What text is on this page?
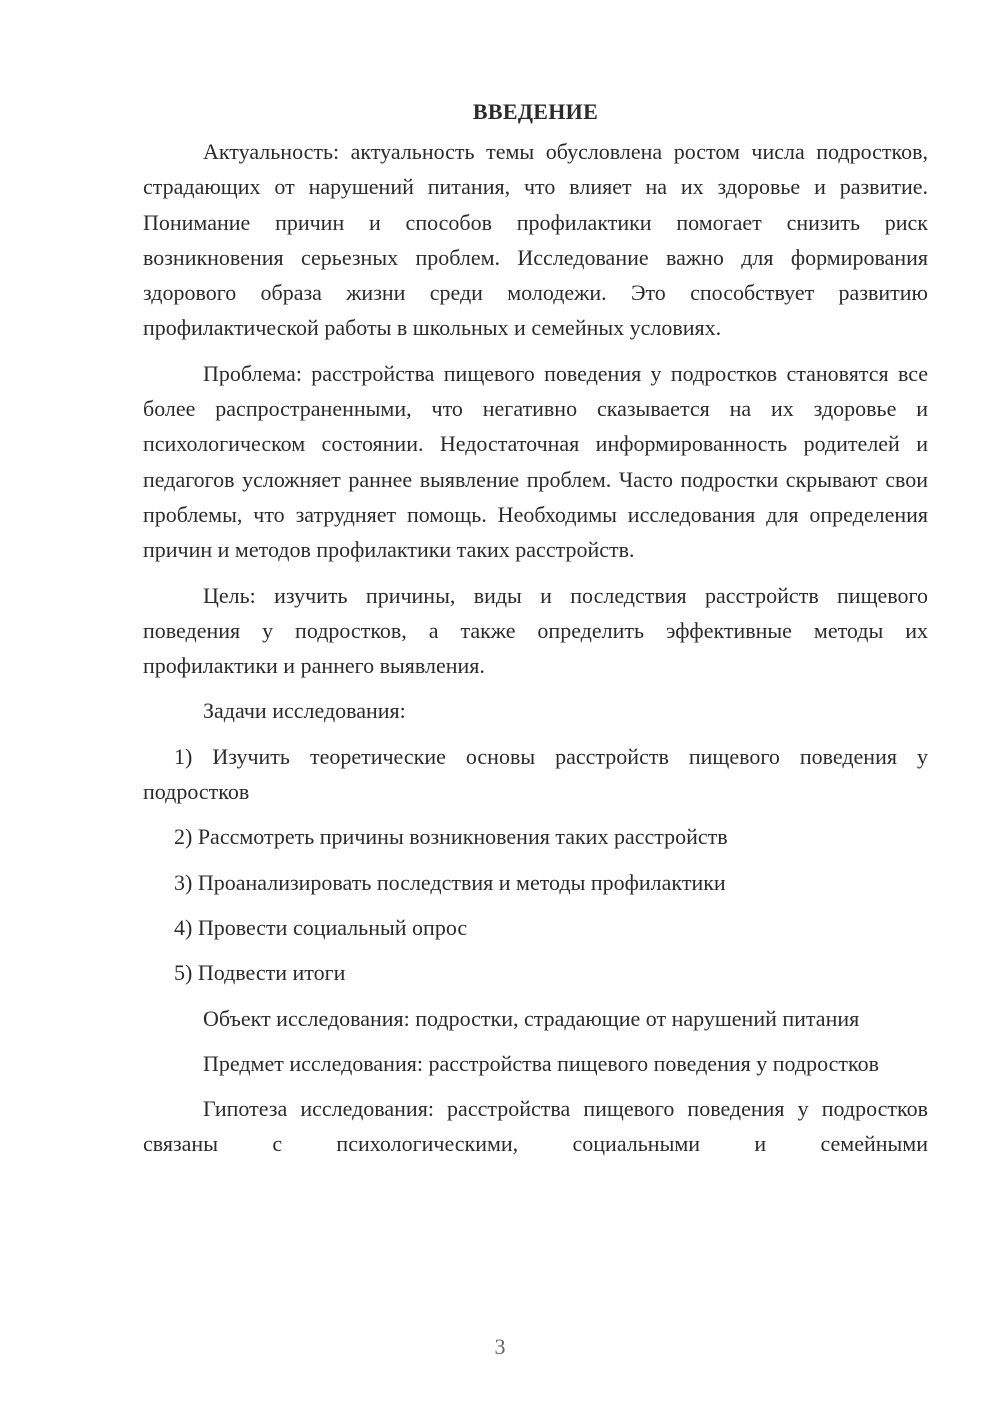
ВВЕДЕНИЕ

Актуальность: актуальность темы обусловлена ростом числа подростков, страдающих от нарушений питания, что влияет на их здоровье и развитие. Понимание причин и способов профилактики помогает снизить риск возникновения серьезных проблем. Исследование важно для формирования здорового образа жизни среди молодежи. Это способствует развитию профилактической работы в школьных и семейных условиях.

Проблема: расстройства пищевого поведения у подростков становятся все более распространенными, что негативно сказывается на их здоровье и психологическом состоянии. Недостаточная информированность родителей и педагогов усложняет раннее выявление проблем. Часто подростки скрывают свои проблемы, что затрудняет помощь. Необходимы исследования для определения причин и методов профилактики таких расстройств.

Цель: изучить причины, виды и последствия расстройств пищевого поведения у подростков, а также определить эффективные методы их профилактики и раннего выявления.

Задачи исследования:

1) Изучить теоретические основы расстройств пищевого поведения у подростков

2) Рассмотреть причины возникновения таких расстройств

3) Проанализировать последствия и методы профилактики

4) Провести социальный опрос

5) Подвести итоги

Объект исследования: подростки, страдающие от нарушений питания

Предмет исследования: расстройства пищевого поведения у подростков

Гипотеза исследования: расстройства пищевого поведения у подростков связаны с психологическими, социальными и семейными

3
